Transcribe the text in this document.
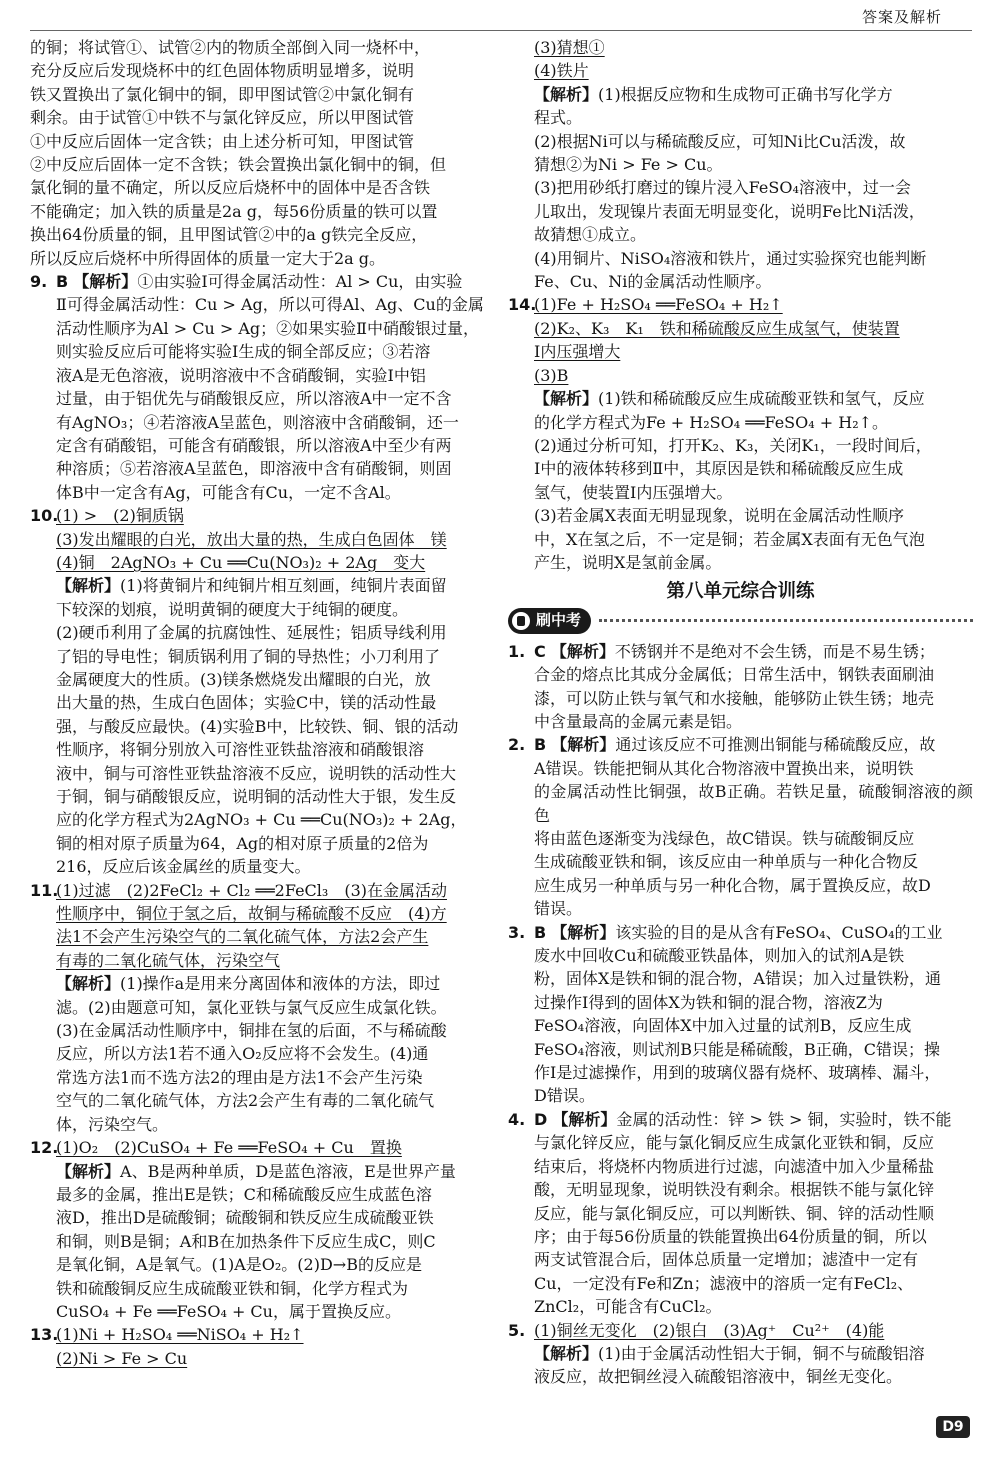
答案及解析

的铜；将试管①、试管②内的物质全部倒入同一烧杯中，

充分反应后发现烧杯中的红色固体物质明显增多，说明

铁又置换出了氯化铜中的铜，即甲图试管②中氯化铜有

剩余。由于试管①中铁不与氯化锌反应，所以甲图试管

①中反应后固体一定含铁；由上述分析可知，甲图试管

②中反应后固体一定不含铁；铁会置换出氯化铜中的铜，但

氯化铜的量不确定，所以反应后烧杯中的固体中是否含铁

不能确定；加入铁的质量是2a g，每56份质量的铁可以置

换出64份质量的铜，且甲图试管②中的a g铁完全反应，

所以反应后烧杯中所得固体的质量一定大于2a g。

9. B 【解析】①由实验Ⅰ可得金属活动性：Al > Cu，由实验

Ⅱ可得金属活动性：Cu > Ag，所以可得Al、Ag、Cu的金属

活动性顺序为Al > Cu > Ag；②如果实验Ⅱ中硝酸银过量，

则实验反应后可能将实验Ⅰ生成的铜全部反应；③若溶

液A是无色溶液，说明溶液中不含硝酸铜，实验Ⅰ中铝

过量，由于铝优先与硝酸银反应，所以溶液A中一定不含

有AgNO₃；④若溶液A呈蓝色，则溶液中含硝酸铜，还一

定含有硝酸铝，可能含有硝酸银，所以溶液A中至少有两

种溶质；⑤若溶液A呈蓝色，即溶液中含有硝酸铜，则固

体B中一定含有Ag，可能含有Cu，一定不含Al。

10.
(1) >　(2)铜质锅

(3)发出耀眼的白光，放出大量的热，生成白色固体　镁

(4)铜　2AgNO₃ + Cu ══Cu(NO₃)₂ + 2Ag　变大

【解析】(1)将黄铜片和纯铜片相互刻画，纯铜片表面留

下较深的划痕，说明黄铜的硬度大于纯铜的硬度。

(2)硬币利用了金属的抗腐蚀性、延展性；铝质导线利用

了铝的导电性；铜质锅利用了铜的导热性；小刀利用了

金属硬度大的性质。(3)镁条燃烧发出耀眼的白光，放

出大量的热，生成白色固体；实验C中，镁的活动性最

强，与酸反应最快。(4)实验B中，比较铁、铜、银的活动

性顺序，将铜分别放入可溶性亚铁盐溶液和硝酸银溶

液中，铜与可溶性亚铁盐溶液不反应，说明铁的活动性大

于铜，铜与硝酸银反应，说明铜的活动性大于银，发生反

应的化学方程式为2AgNO₃ + Cu ══Cu(NO₃)₂ + 2Ag，

铜的相对原子质量为64，Ag的相对原子质量的2倍为

216，反应后该金属丝的质量变大。

11.
(1)过滤　(2)2FeCl₂ + Cl₂ ══2FeCl₃　(3)在金属活动

性顺序中，铜位于氢之后，故铜与稀硫酸不反应　(4)方

法1不会产生污染空气的二氧化硫气体，方法2会产生

有毒的二氧化硫气体，污染空气

【解析】(1)操作a是用来分离固体和液体的方法，即过

滤。(2)由题意可知，氯化亚铁与氯气反应生成氯化铁。

(3)在金属活动性顺序中，铜排在氢的后面，不与稀硫酸

反应，所以方法1若不通入O₂反应将不会发生。(4)通

常选方法1而不选方法2的理由是方法1不会产生污染

空气的二氧化硫气体，方法2会产生有毒的二氧化硫气

体，污染空气。

12.
(1)O₂　(2)CuSO₄ + Fe ══FeSO₄ + Cu　置换

【解析】A、B是两种单质，D是蓝色溶液，E是世界产量

最多的金属，推出E是铁；C和稀硫酸反应生成蓝色溶

液D，推出D是硫酸铜；硫酸铜和铁反应生成硫酸亚铁

和铜，则B是铜；A和B在加热条件下反应生成C，则C

是氧化铜，A是氧气。(1)A是O₂。(2)D→B的反应是

铁和硫酸铜反应生成硫酸亚铁和铜，化学方程式为

CuSO₄ + Fe ══FeSO₄ + Cu，属于置换反应。

13.
(1)Ni + H₂SO₄ ══NiSO₄ + H₂↑

(2)Ni > Fe > Cu

(3)猜想①

(4)铁片

【解析】(1)根据反应物和生成物可正确书写化学方

程式。

(2)根据Ni可以与稀硫酸反应，可知Ni比Cu活泼，故

猜想②为Ni > Fe > Cu。

(3)把用砂纸打磨过的镍片浸入FeSO₄溶液中，过一会

儿取出，发现镍片表面无明显变化，说明Fe比Ni活泼，

故猜想①成立。

(4)用铜片、NiSO₄溶液和铁片，通过实验探究也能判断

Fe、Cu、Ni的金属活动性顺序。

14.
(1)Fe + H₂SO₄ ══FeSO₄ + H₂↑

(2)K₂、K₃　K₁　铁和稀硫酸反应生成氢气，使装置

Ⅰ内压强增大

(3)B

【解析】(1)铁和稀硫酸反应生成硫酸亚铁和氢气，反应

的化学方程式为Fe + H₂SO₄ ══FeSO₄ + H₂↑。

(2)通过分析可知，打开K₂、K₃，关闭K₁，一段时间后，

Ⅰ中的液体转移到Ⅱ中，其原因是铁和稀硫酸反应生成

氢气，使装置Ⅰ内压强增大。

(3)若金属X表面无明显现象，说明在金属活动性顺序

中，X在氢之后，不一定是铜；若金属X表面有无色气泡

产生，说明X是氢前金属。

第八单元综合训练
刷中考

1. C 【解析】不锈钢并不是绝对不会生锈，而是不易生锈；

合金的熔点比其成分金属低；日常生活中，钢铁表面刷油

漆，可以防止铁与氧气和水接触，能够防止铁生锈；地壳

中含量最高的金属元素是铝。

2. B 【解析】通过该反应不可推测出铜能与稀硫酸反应，故

A错误。铁能把铜从其化合物溶液中置换出来，说明铁

的金属活动性比铜强，故B正确。若铁足量，硫酸铜溶液的颜色

将由蓝色逐渐变为浅绿色，故C错误。铁与硫酸铜反应

生成硫酸亚铁和铜，该反应由一种单质与一种化合物反

应生成另一种单质与另一种化合物，属于置换反应，故D

错误。

3. B 【解析】该实验的目的是从含有FeSO₄、CuSO₄的工业

废水中回收Cu和硫酸亚铁晶体，则加入的试剂A是铁

粉，固体X是铁和铜的混合物，A错误；加入过量铁粉，通

过操作Ⅰ得到的固体X为铁和铜的混合物，溶液Z为

FeSO₄溶液，向固体X中加入过量的试剂B，反应生成

FeSO₄溶液，则试剂B只能是稀硫酸，B正确，C错误；操

作Ⅰ是过滤操作，用到的玻璃仪器有烧杯、玻璃棒、漏斗，

D错误。

4. D 【解析】金属的活动性：锌 > 铁 > 铜，实验时，铁不能

与氯化锌反应，能与氯化铜反应生成氯化亚铁和铜，反应

结束后，将烧杯内物质进行过滤，向滤渣中加入少量稀盐

酸，无明显现象，说明铁没有剩余。根据铁不能与氯化锌

反应，能与氯化铜反应，可以判断铁、铜、锌的活动性顺

序；由于每56份质量的铁能置换出64份质量的铜，所以

两支试管混合后，固体总质量一定增加；滤渣中一定有

Cu，一定没有Fe和Zn；滤液中的溶质一定有FeCl₂、

ZnCl₂，可能含有CuCl₂。

5. (1)铜丝无变化　(2)银白　(3)Ag⁺　Cu²⁺　(4)能

【解析】(1)由于金属活动性铝大于铜，铜不与硫酸铝溶

液反应，故把铜丝浸入硫酸铝溶液中，铜丝无变化。

D9
